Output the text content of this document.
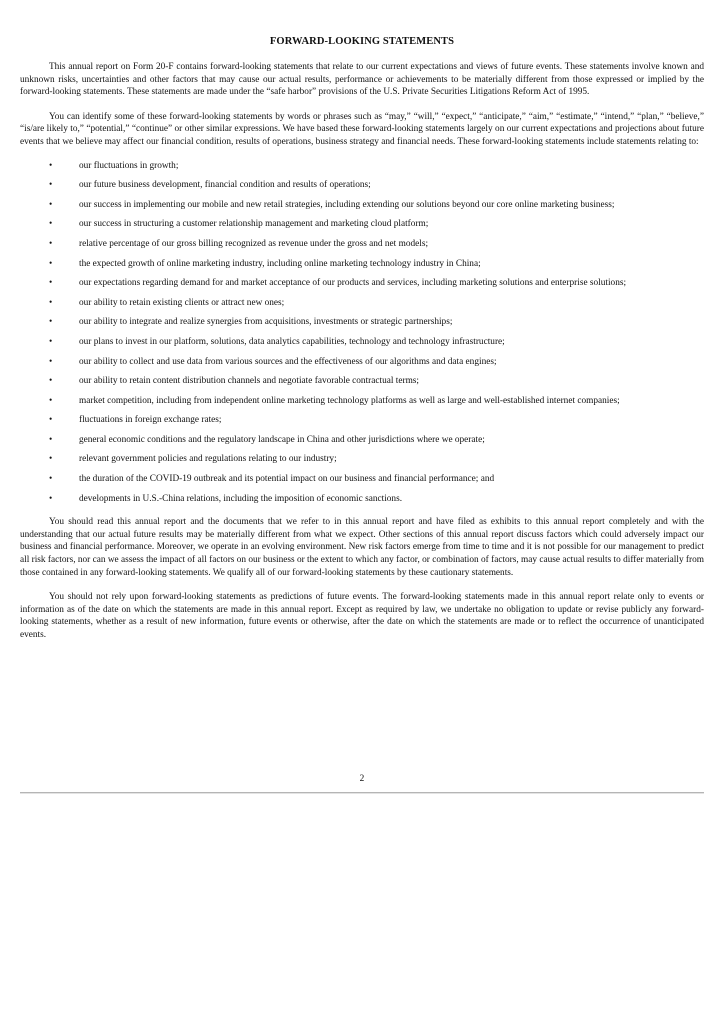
FORWARD-LOOKING STATEMENTS

This annual report on Form 20-F contains forward-looking statements that relate to our current expectations and views of future events. These statements involve known and unknown risks, uncertainties and other factors that may cause our actual results, performance or achievements to be materially different from those expressed or implied by the forward-looking statements. These statements are made under the “safe harbor” provisions of the U.S. Private Securities Litigations Reform Act of 1995.

You can identify some of these forward-looking statements by words or phrases such as “may,” “will,” “expect,” “anticipate,” “aim,” “estimate,” “intend,” “plan,” “believe,” “is/are likely to,” “potential,” “continue” or other similar expressions. We have based these forward-looking statements largely on our current expectations and projections about future events that we believe may affect our financial condition, results of operations, business strategy and financial needs. These forward-looking statements include statements relating to:

•	our fluctuations in growth;
•	our future business development, financial condition and results of operations;
•	our success in implementing our mobile and new retail strategies, including extending our solutions beyond our core online marketing business;
•	our success in structuring a customer relationship management and marketing cloud platform;
•	relative percentage of our gross billing recognized as revenue under the gross and net models;
•	the expected growth of online marketing industry, including online marketing technology industry in China;
•	our expectations regarding demand for and market acceptance of our products and services, including marketing solutions and enterprise solutions;
•	our ability to retain existing clients or attract new ones;
•	our ability to integrate and realize synergies from acquisitions, investments or strategic partnerships;
•	our plans to invest in our platform, solutions, data analytics capabilities, technology and technology infrastructure;
•	our ability to collect and use data from various sources and the effectiveness of our algorithms and data engines;
•	our ability to retain content distribution channels and negotiate favorable contractual terms;
•	market competition, including from independent online marketing technology platforms as well as large and well-established internet companies;
•	fluctuations in foreign exchange rates;
•	general economic conditions and the regulatory landscape in China and other jurisdictions where we operate;
•	relevant government policies and regulations relating to our industry;
•	the duration of the COVID-19 outbreak and its potential impact on our business and financial performance; and
•	developments in U.S.-China relations, including the imposition of economic sanctions.

You should read this annual report and the documents that we refer to in this annual report and have filed as exhibits to this annual report completely and with the understanding that our actual future results may be materially different from what we expect. Other sections of this annual report discuss factors which could adversely impact our business and financial performance. Moreover, we operate in an evolving environment. New risk factors emerge from time to time and it is not possible for our management to predict all risk factors, nor can we assess the impact of all factors on our business or the extent to which any factor, or combination of factors, may cause actual results to differ materially from those contained in any forward-looking statements. We qualify all of our forward-looking statements by these cautionary statements.

You should not rely upon forward-looking statements as predictions of future events. The forward-looking statements made in this annual report relate only to events or information as of the date on which the statements are made in this annual report. Except as required by law, we undertake no obligation to update or revise publicly any forward-looking statements, whether as a result of new information, future events or otherwise, after the date on which the statements are made or to reflect the occurrence of unanticipated events.

2
